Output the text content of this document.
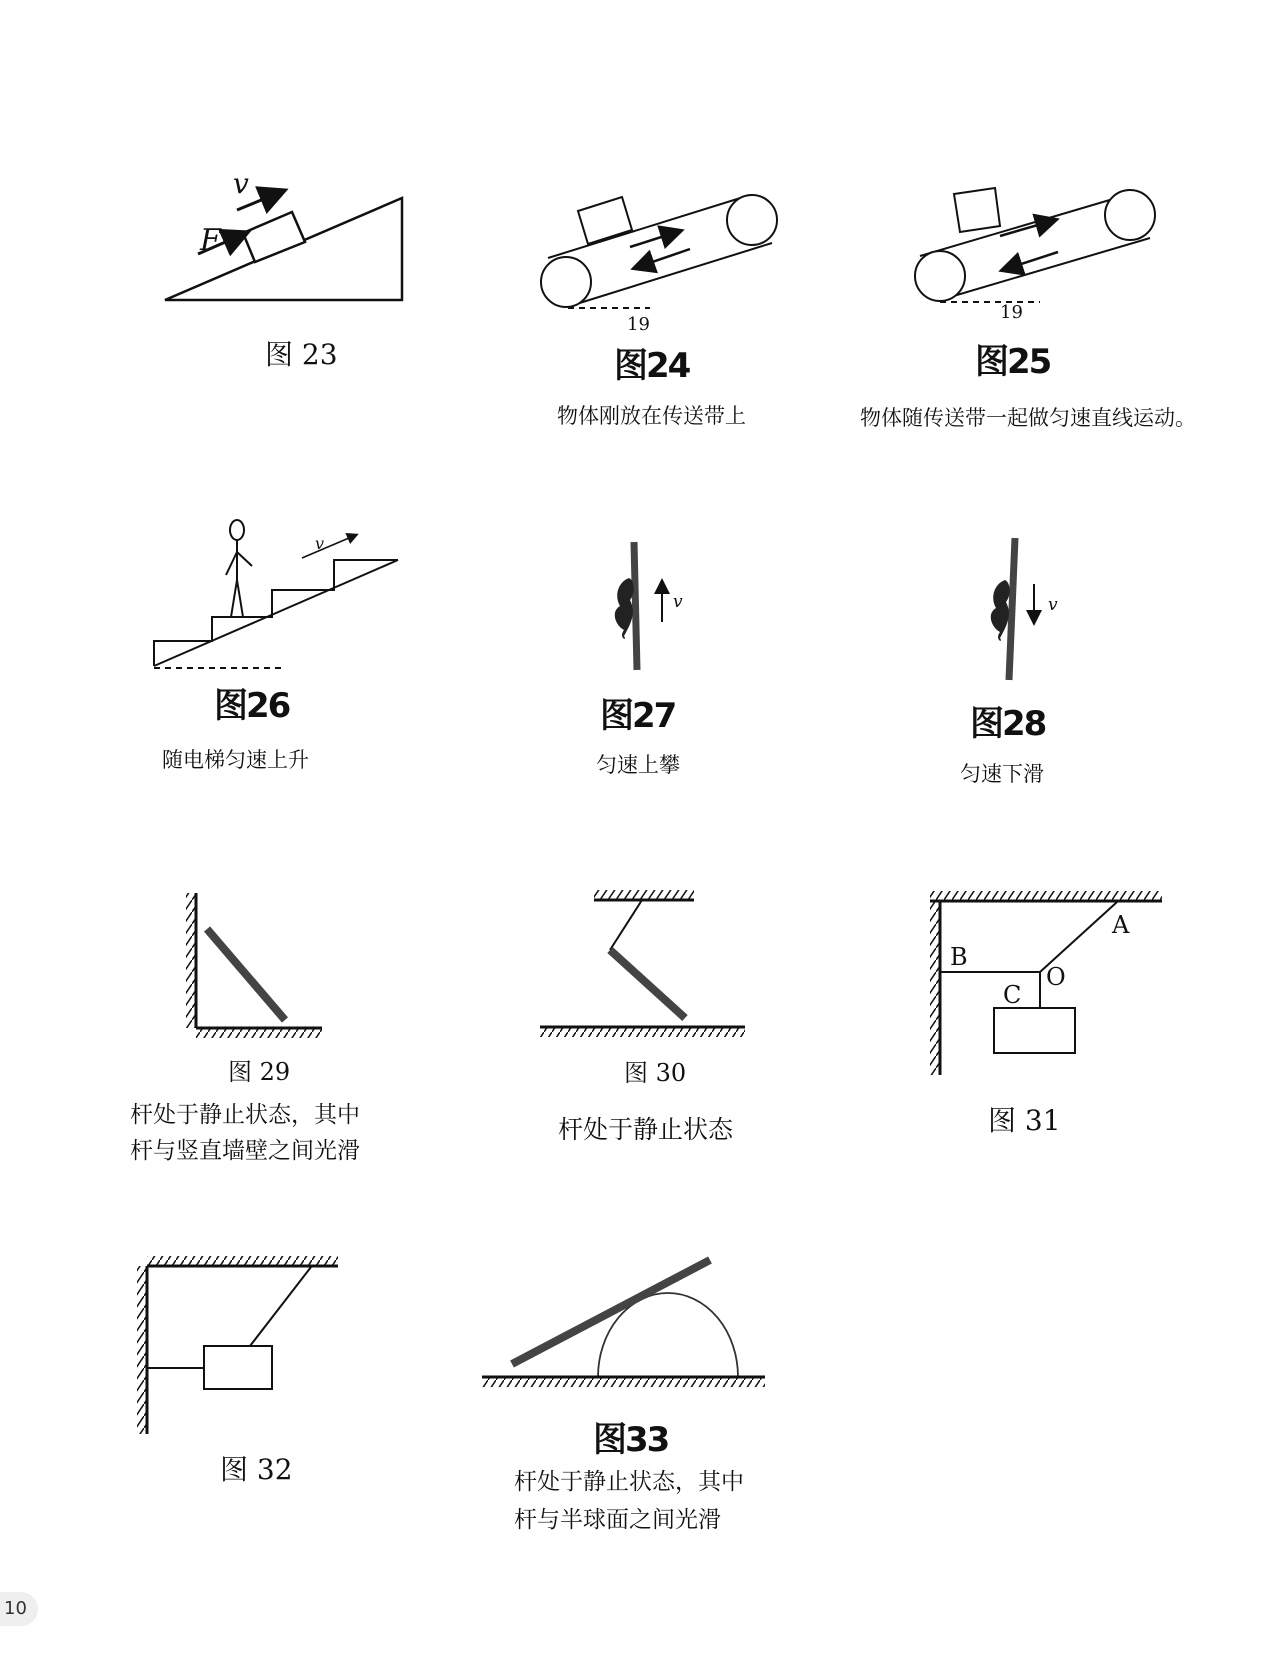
v
F
19
19
v
v	v
A
B
C
O
图 23	图24
物体刚放在传送带上
图25
物体随传送带一起做匀速直线运动。
图26
随电梯匀速上升
图27
匀速上攀
图28
匀速下滑
图 29
杆处于静止状态，其中
杆与竖直墙壁之间光滑
图 30
杆处于静止状态	图 31
图 32
图33
杆处于静止状态，其中
杆与半球面之间光滑
10
